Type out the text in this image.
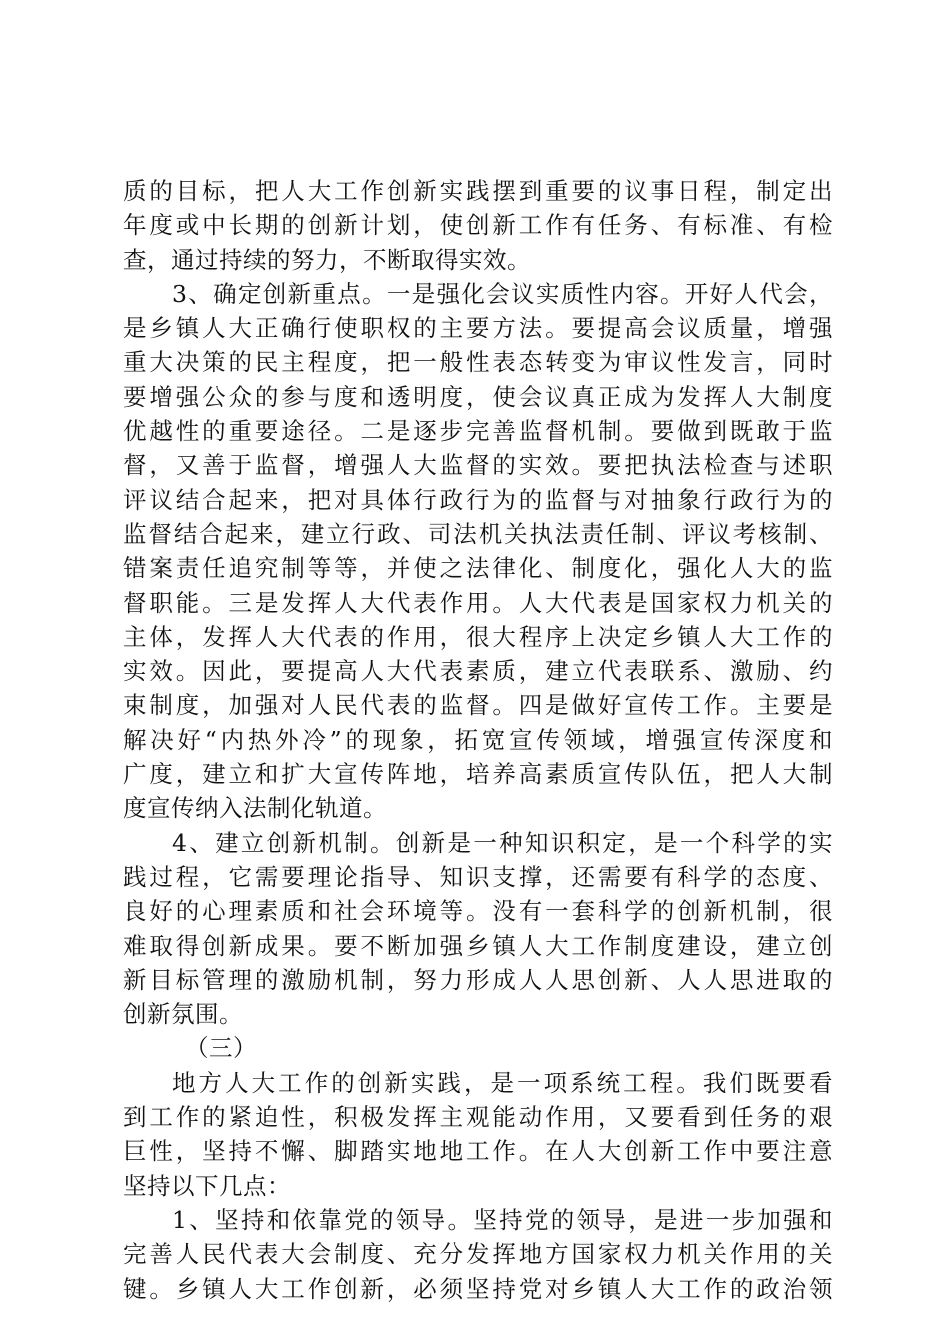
质的目标，把人大工作创新实践摆到重要的议事日程，制定出
年度或中长期的创新计划，使创新工作有任务、有标准、有检
查，通过持续的努力，不断取得实效。
3、确定创新重点。一是强化会议实质性内容。开好人代会，
是乡镇人大正确行使职权的主要方法。要提高会议质量，增强
重大决策的民主程度，把一般性表态转变为审议性发言，同时
要增强公众的参与度和透明度，使会议真正成为发挥人大制度
优越性的重要途径。二是逐步完善监督机制。要做到既敢于监
督，又善于监督，增强人大监督的实效。要把执法检查与述职
评议结合起来，把对具体行政行为的监督与对抽象行政行为的
监督结合起来，建立行政、司法机关执法责任制、评议考核制、
错案责任追究制等等，并使之法律化、制度化，强化人大的监
督职能。三是发挥人大代表作用。人大代表是国家权力机关的
主体，发挥人大代表的作用，很大程序上决定乡镇人大工作的
实效。因此，要提高人大代表素质，建立代表联系、激励、约
束制度，加强对人民代表的监督。四是做好宣传工作。主要是
解决好“内热外冷”的现象，拓宽宣传领域，增强宣传深度和
广度，建立和扩大宣传阵地，培养高素质宣传队伍，把人大制
度宣传纳入法制化轨道。
4、建立创新机制。创新是一种知识积定，是一个科学的实
践过程，它需要理论指导、知识支撑，还需要有科学的态度、
良好的心理素质和社会环境等。没有一套科学的创新机制，很
难取得创新成果。要不断加强乡镇人大工作制度建设，建立创
新目标管理的激励机制，努力形成人人思创新、人人思进取的
创新氛围。
（三）
地方人大工作的创新实践，是一项系统工程。我们既要看
到工作的紧迫性，积极发挥主观能动作用，又要看到任务的艰
巨性，坚持不懈、脚踏实地地工作。在人大创新工作中要注意
坚持以下几点：
1、坚持和依靠党的领导。坚持党的领导，是进一步加强和
完善人民代表大会制度、充分发挥地方国家权力机关作用的关
键。乡镇人大工作创新，必须坚持党对乡镇人大工作的政治领
